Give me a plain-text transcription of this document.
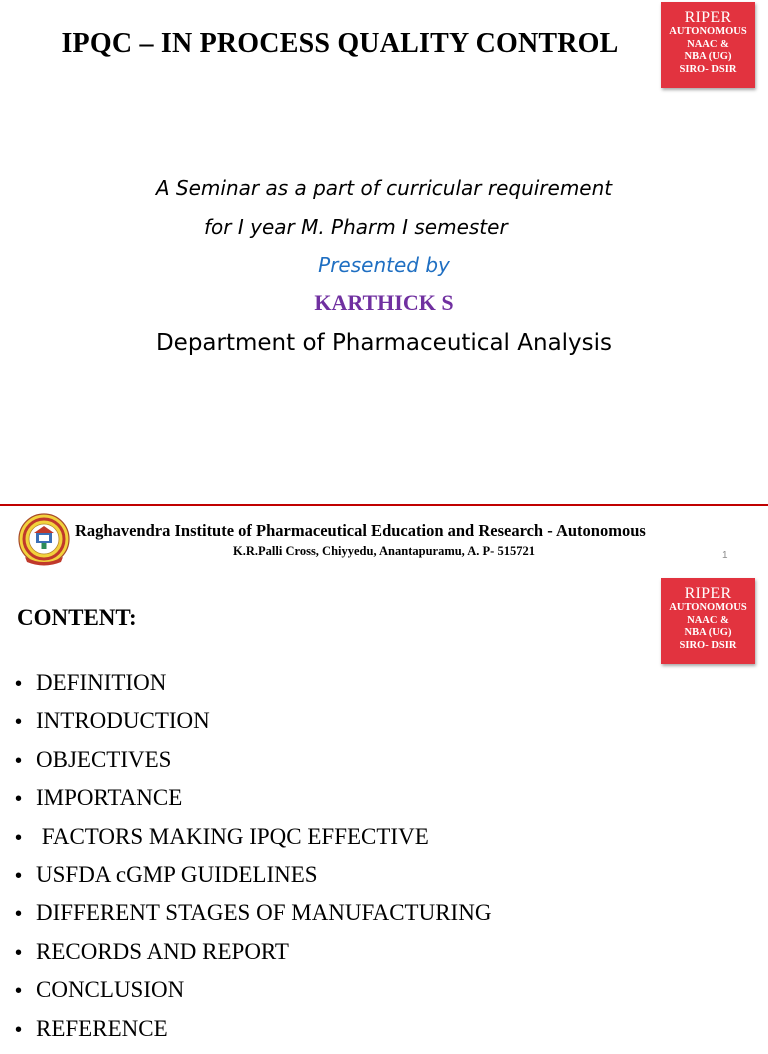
IPQC – IN PROCESS QUALITY CONTROL
RIPER
AUTONOMOUS
NAAC &
NBA (UG)
SIRO- DSIR
A Seminar as a part of curricular requirement
for I year M. Pharm I semester
Presented by
KARTHICK S
Department of Pharmaceutical Analysis
Raghavendra Institute of Pharmaceutical Education and Research - Autonomous
K.R.Palli Cross, Chiyyedu, Anantapuramu, A. P- 515721	1
RIPER
AUTONOMOUS
NAAC &
NBA (UG)
SIRO- DSIR
CONTENT:
• DEFINITION
• INTRODUCTION
• OBJECTIVES
• IMPORTANCE
• FACTORS MAKING IPQC EFFECTIVE
• USFDA cGMP GUIDELINES
• DIFFERENT STAGES OF MANUFACTURING
• RECORDS AND REPORT
• CONCLUSION
• REFERENCE
